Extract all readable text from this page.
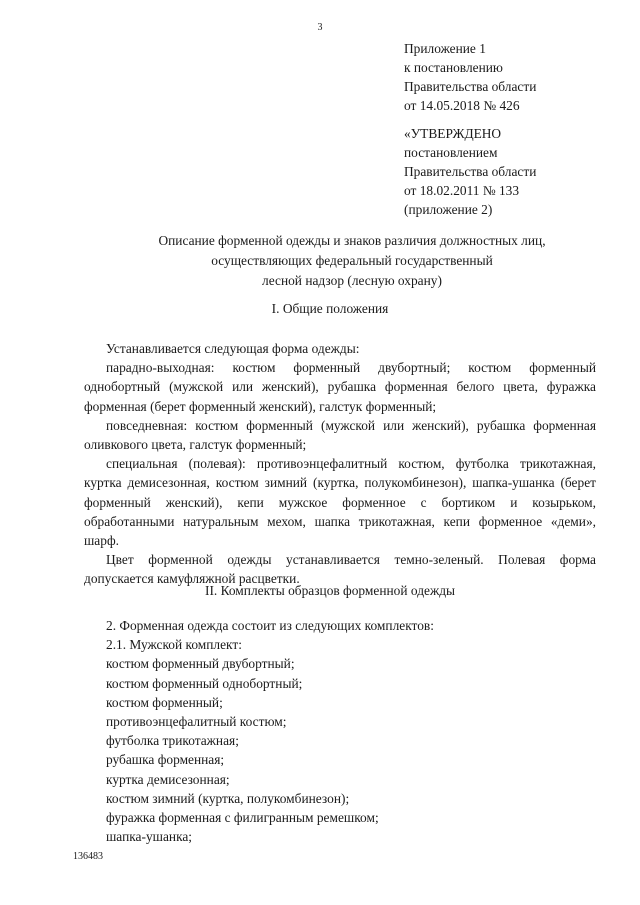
3
Приложение 1
к постановлению
Правительства области
от 14.05.2018 № 426
«УТВЕРЖДЕНО
постановлением
Правительства области
от 18.02.2011 № 133
(приложение 2)
Описание форменной одежды и знаков различия должностных лиц,
осуществляющих федеральный государственный
лесной надзор (лесную охрану)
I. Общие положения

Устанавливается следующая форма одежды:

парадно-выходная: костюм форменный двубортный; костюм форменный однобортный (мужской или женский), рубашка форменная белого цвета, фуражка форменная (берет форменный женский), галстук форменный;

повседневная: костюм форменный (мужской или женский), рубашка форменная оливкового цвета, галстук форменный;

специальная (полевая): противоэнцефалитный костюм, футболка трикотажная, куртка демисезонная, костюм зимний (куртка, полукомбинезон), шапка-ушанка (берет форменный женский), кепи мужское форменное с бортиком и козырьком, обработанными натуральным мехом, шапка трикотажная, кепи форменное «деми», шарф.

Цвет форменной одежды устанавливается темно-зеленый. Полевая форма допускается камуфляжной расцветки.

II. Комплекты образцов форменной одежды

2. Форменная одежда состоит из следующих комплектов:

2.1. Мужской комплект:

костюм форменный двубортный;

костюм форменный однобортный;

костюм форменный;

противоэнцефалитный костюм;

футболка трикотажная;

рубашка форменная;

куртка демисезонная;

костюм зимний (куртка, полукомбинезон);

фуражка форменная с филигранным ремешком;

шапка-ушанка;

136483
